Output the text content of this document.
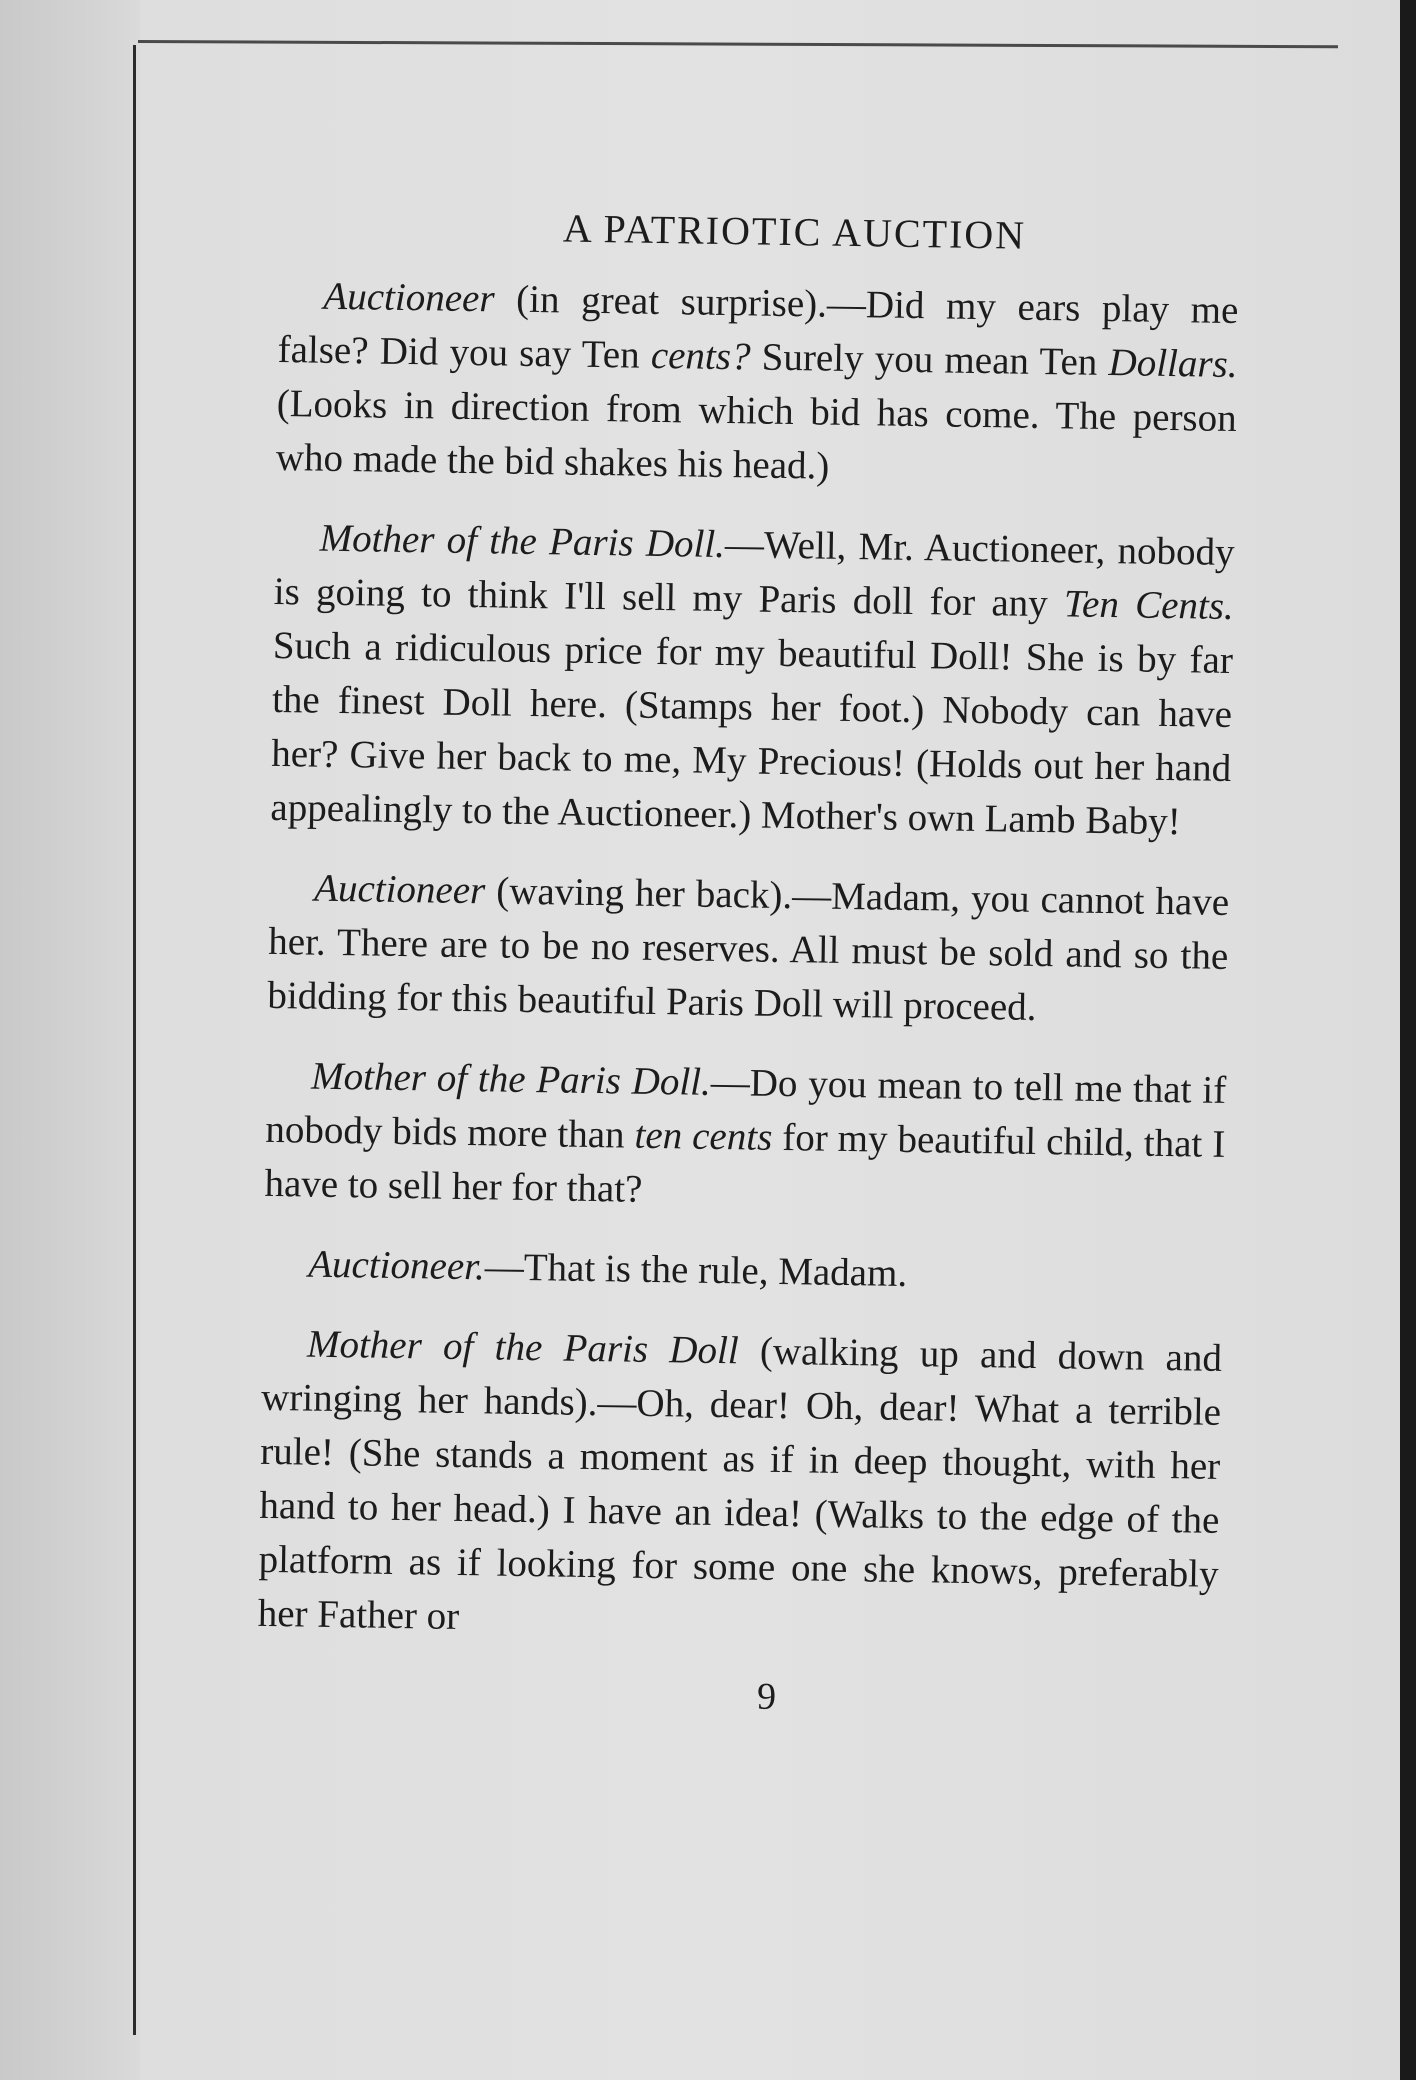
A PATRIOTIC AUCTION

Auctioneer (in great surprise).—Did my ears play me false? Did you say Ten cents? Surely you mean Ten Dollars. (Looks in direction from which bid has come. The person who made the bid shakes his head.)

Mother of the Paris Doll.—Well, Mr. Auctioneer, nobody is going to think I'll sell my Paris doll for any Ten Cents. Such a ridiculous price for my beautiful Doll! She is by far the finest Doll here. (Stamps her foot.) Nobody can have her? Give her back to me, My Precious! (Holds out her hand appealingly to the Auctioneer.) Mother's own Lamb Baby!

Auctioneer (waving her back).—Madam, you cannot have her. There are to be no reserves. All must be sold and so the bidding for this beautiful Paris Doll will proceed.

Mother of the Paris Doll.—Do you mean to tell me that if nobody bids more than ten cents for my beautiful child, that I have to sell her for that?

Auctioneer.—That is the rule, Madam.

Mother of the Paris Doll (walking up and down and wringing her hands).—Oh, dear! Oh, dear! What a terrible rule! (She stands a moment as if in deep thought, with her hand to her head.) I have an idea! (Walks to the edge of the platform as if looking for some one she knows, preferably her Father or

9
